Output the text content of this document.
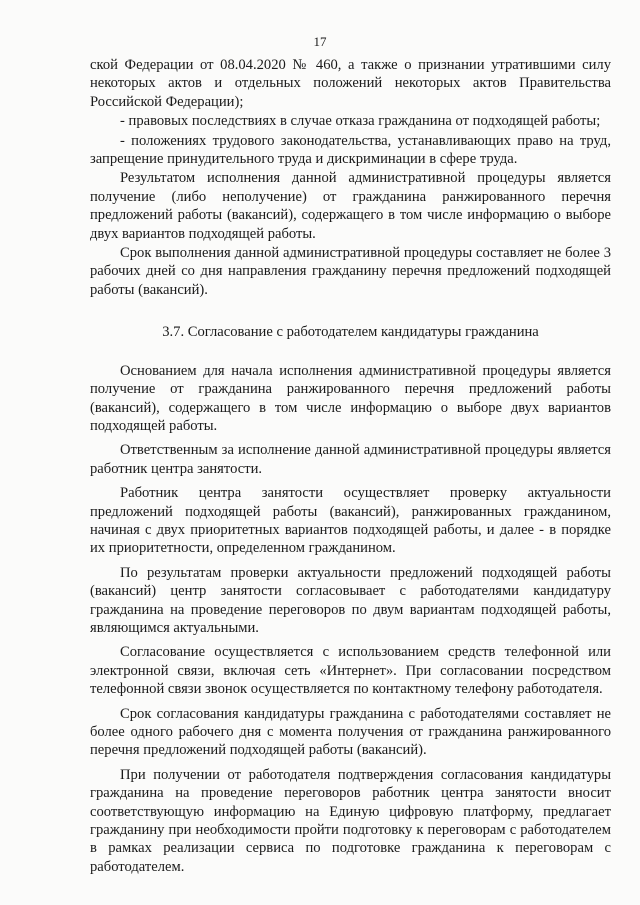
17

ской Федерации от 08.04.2020 № 460, а также о признании утратившими силу некоторых актов и отдельных положений некоторых актов Правительства Российской Федерации);

- правовых последствиях в случае отказа гражданина от подходящей работы;

- положениях трудового законодательства, устанавливающих право на труд, запрещение принудительного труда и дискриминации в сфере труда.

Результатом исполнения данной административной процедуры является получение (либо неполучение) от гражданина ранжированного перечня предложений работы (вакансий), содержащего в том числе информацию о выборе двух вариантов подходящей работы.

Срок выполнения данной административной процедуры составляет не более 3 рабочих дней со дня направления гражданину перечня предложений подходящей работы (вакансий).

3.7. Согласование с работодателем кандидатуры гражданина

Основанием для начала исполнения административной процедуры является получение от гражданина ранжированного перечня предложений работы (вакансий), содержащего в том числе информацию о выборе двух вариантов подходящей работы.

Ответственным за исполнение данной административной процедуры является работник центра занятости.

Работник центра занятости осуществляет проверку актуальности предложений подходящей работы (вакансий), ранжированных гражданином, начиная с двух приоритетных вариантов подходящей работы, и далее - в порядке их приоритетности, определенном гражданином.

По результатам проверки актуальности предложений подходящей работы (вакансий) центр занятости согласовывает с работодателями кандидатуру гражданина на проведение переговоров по двум вариантам подходящей работы, являющимся актуальными.

Согласование осуществляется с использованием средств телефонной или электронной связи, включая сеть «Интернет». При согласовании посредством телефонной связи звонок осуществляется по контактному телефону работодателя.

Срок согласования кандидатуры гражданина с работодателями составляет не более одного рабочего дня с момента получения от гражданина ранжированного перечня предложений подходящей работы (вакансий).

При получении от работодателя подтверждения согласования кандидатуры гражданина на проведение переговоров работник центра занятости вносит соответствующую информацию на Единую цифровую платформу, предлагает гражданину при необходимости пройти подготовку к переговорам с работодателем в рамках реализации сервиса по подготовке гражданина к переговорам с работодателем.
